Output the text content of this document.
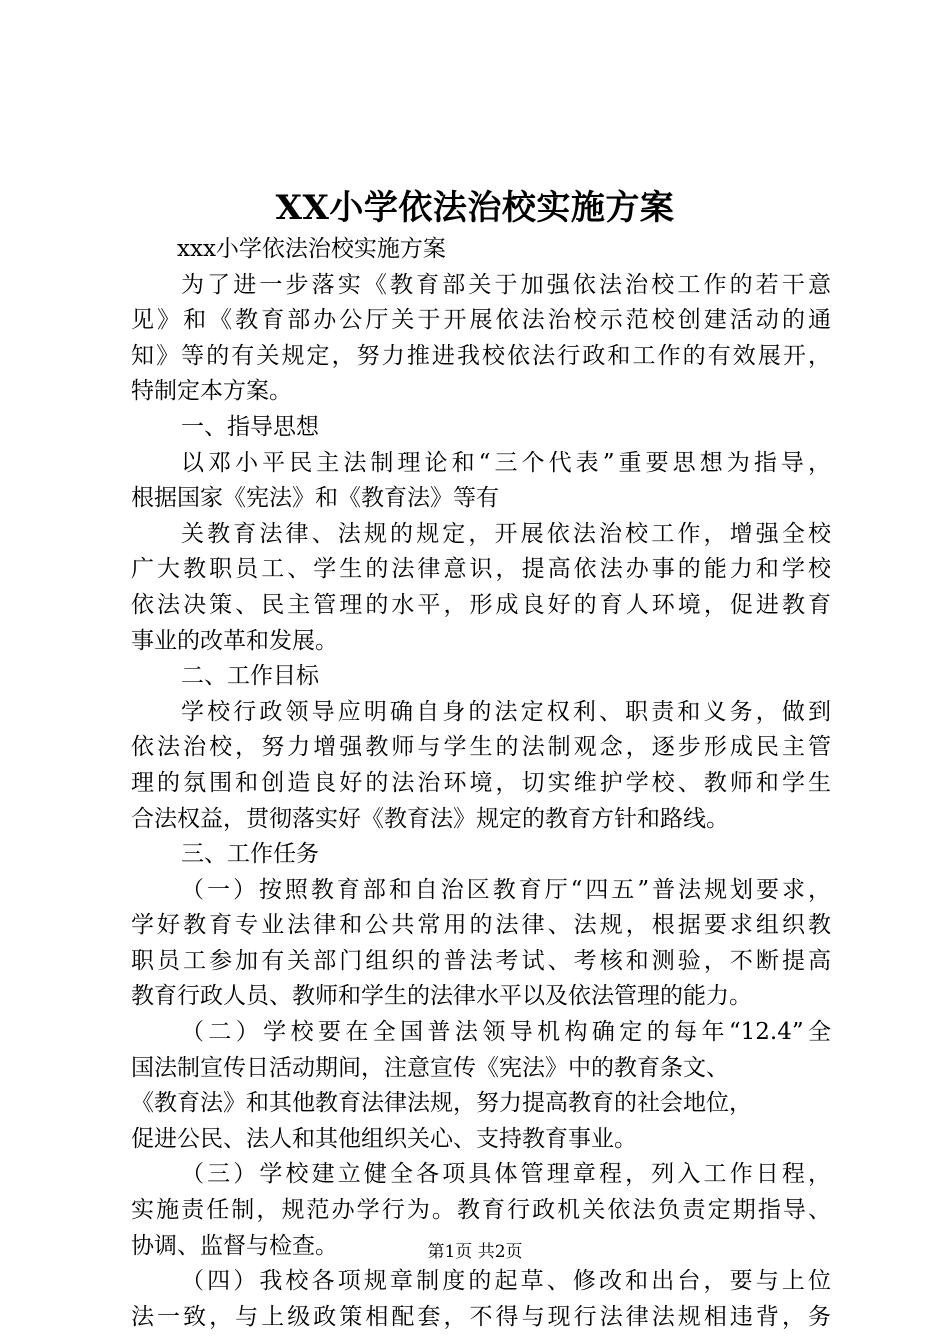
XX小学依法治校实施方案
xxx小学依法治校实施方案
为了进一步落实《教育部关于加强依法治校工作的若干意
见》和《教育部办公厅关于开展依法治校示范校创建活动的通
知》等的有关规定，努力推进我校依法行政和工作的有效展开，
特制定本方案。
一、指导思想
以邓小平民主法制理论和“三个代表”重要思想为指导，
根据国家《宪法》和《教育法》等有
关教育法律、法规的规定，开展依法治校工作，增强全校
广大教职员工、学生的法律意识，提高依法办事的能力和学校
依法决策、民主管理的水平，形成良好的育人环境，促进教育
事业的改革和发展。
二、工作目标
学校行政领导应明确自身的法定权利、职责和义务，做到
依法治校，努力增强教师与学生的法制观念，逐步形成民主管
理的氛围和创造良好的法治环境，切实维护学校、教师和学生
合法权益，贯彻落实好《教育法》规定的教育方针和路线。
三、工作任务
（一）按照教育部和自治区教育厅“四五”普法规划要求，
学好教育专业法律和公共常用的法律、法规，根据要求组织教
职员工参加有关部门组织的普法考试、考核和测验，不断提高
教育行政人员、教师和学生的法律水平以及依法管理的能力。
（二）学校要在全国普法领导机构确定的每年“12.4”全
国法制宣传日活动期间，注意宣传《宪法》中的教育条文、
《教育法》和其他教育法律法规，努力提高教育的社会地位，
促进公民、法人和其他组织关心、支持教育事业。
（三）学校建立健全各项具体管理章程，列入工作日程，
实施责任制，规范办学行为。教育行政机关依法负责定期指导、
协调、监督与检查。
（四）我校各项规章制度的起草、修改和出台，要与上位
法一致，与上级政策相配套，不得与现行法律法规相违背，务
第1页 共2页
